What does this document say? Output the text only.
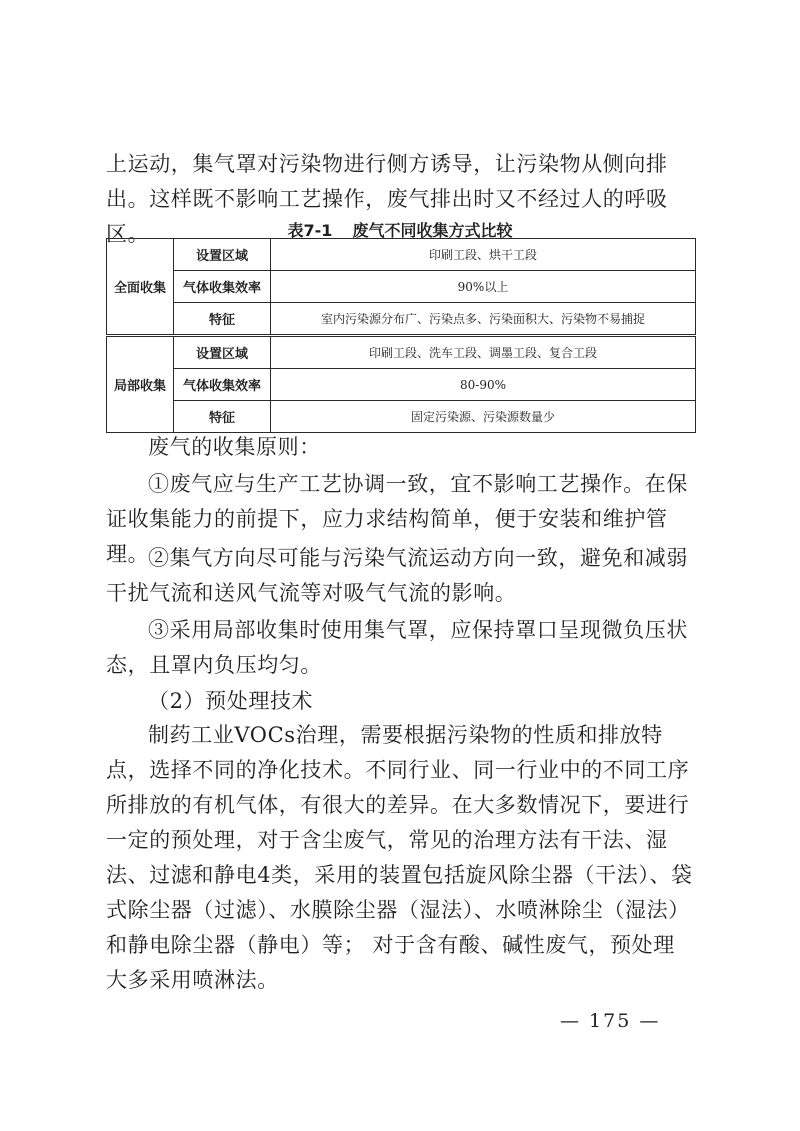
上运动，集气罩对污染物进行侧方诱导，让污染物从侧向排出。这样既不影响工艺操作，废气排出时又不经过人的呼吸区。	表7-1 废气不同收集方式比较
全面收集	设置区域	印刷工段、烘干工段
	气体收集效率	90%以上
	特征	室内污染源分布广、污染点多、污染面积大、污染物不易捕捉
局部收集	设置区域	印刷工段、洗车工段、调墨工段、复合工段
	气体收集效率	80-90%
	特征	固定污染源、污染源数量少

废气的收集原则：

①废气应与生产工艺协调一致，宜不影响工艺操作。在保证收集能力的前提下，应力求结构简单，便于安装和维护管理。

②集气方向尽可能与污染气流运动方向一致，避免和减弱干扰气流和送风气流等对吸气气流的影响。

③采用局部收集时使用集气罩，应保持罩口呈现微负压状态，且罩内负压均匀。

（2）预处理技术

制药工业VOCs治理，需要根据污染物的性质和排放特点，选择不同的净化技术。不同行业、同一行业中的不同工序所排放的有机气体，有很大的差异。在大多数情况下，要进行一定的预处理，对于含尘废气，常见的治理方法有干法、湿法、过滤和静电4类，采用的装置包括旋风除尘器（干法）、袋式除尘器（过滤）、水膜除尘器（湿法）、水喷淋除尘（湿法）和静电除尘器（静电）等； 对于含有酸、碱性废气，预处理大多采用喷淋法。

— 175 —
